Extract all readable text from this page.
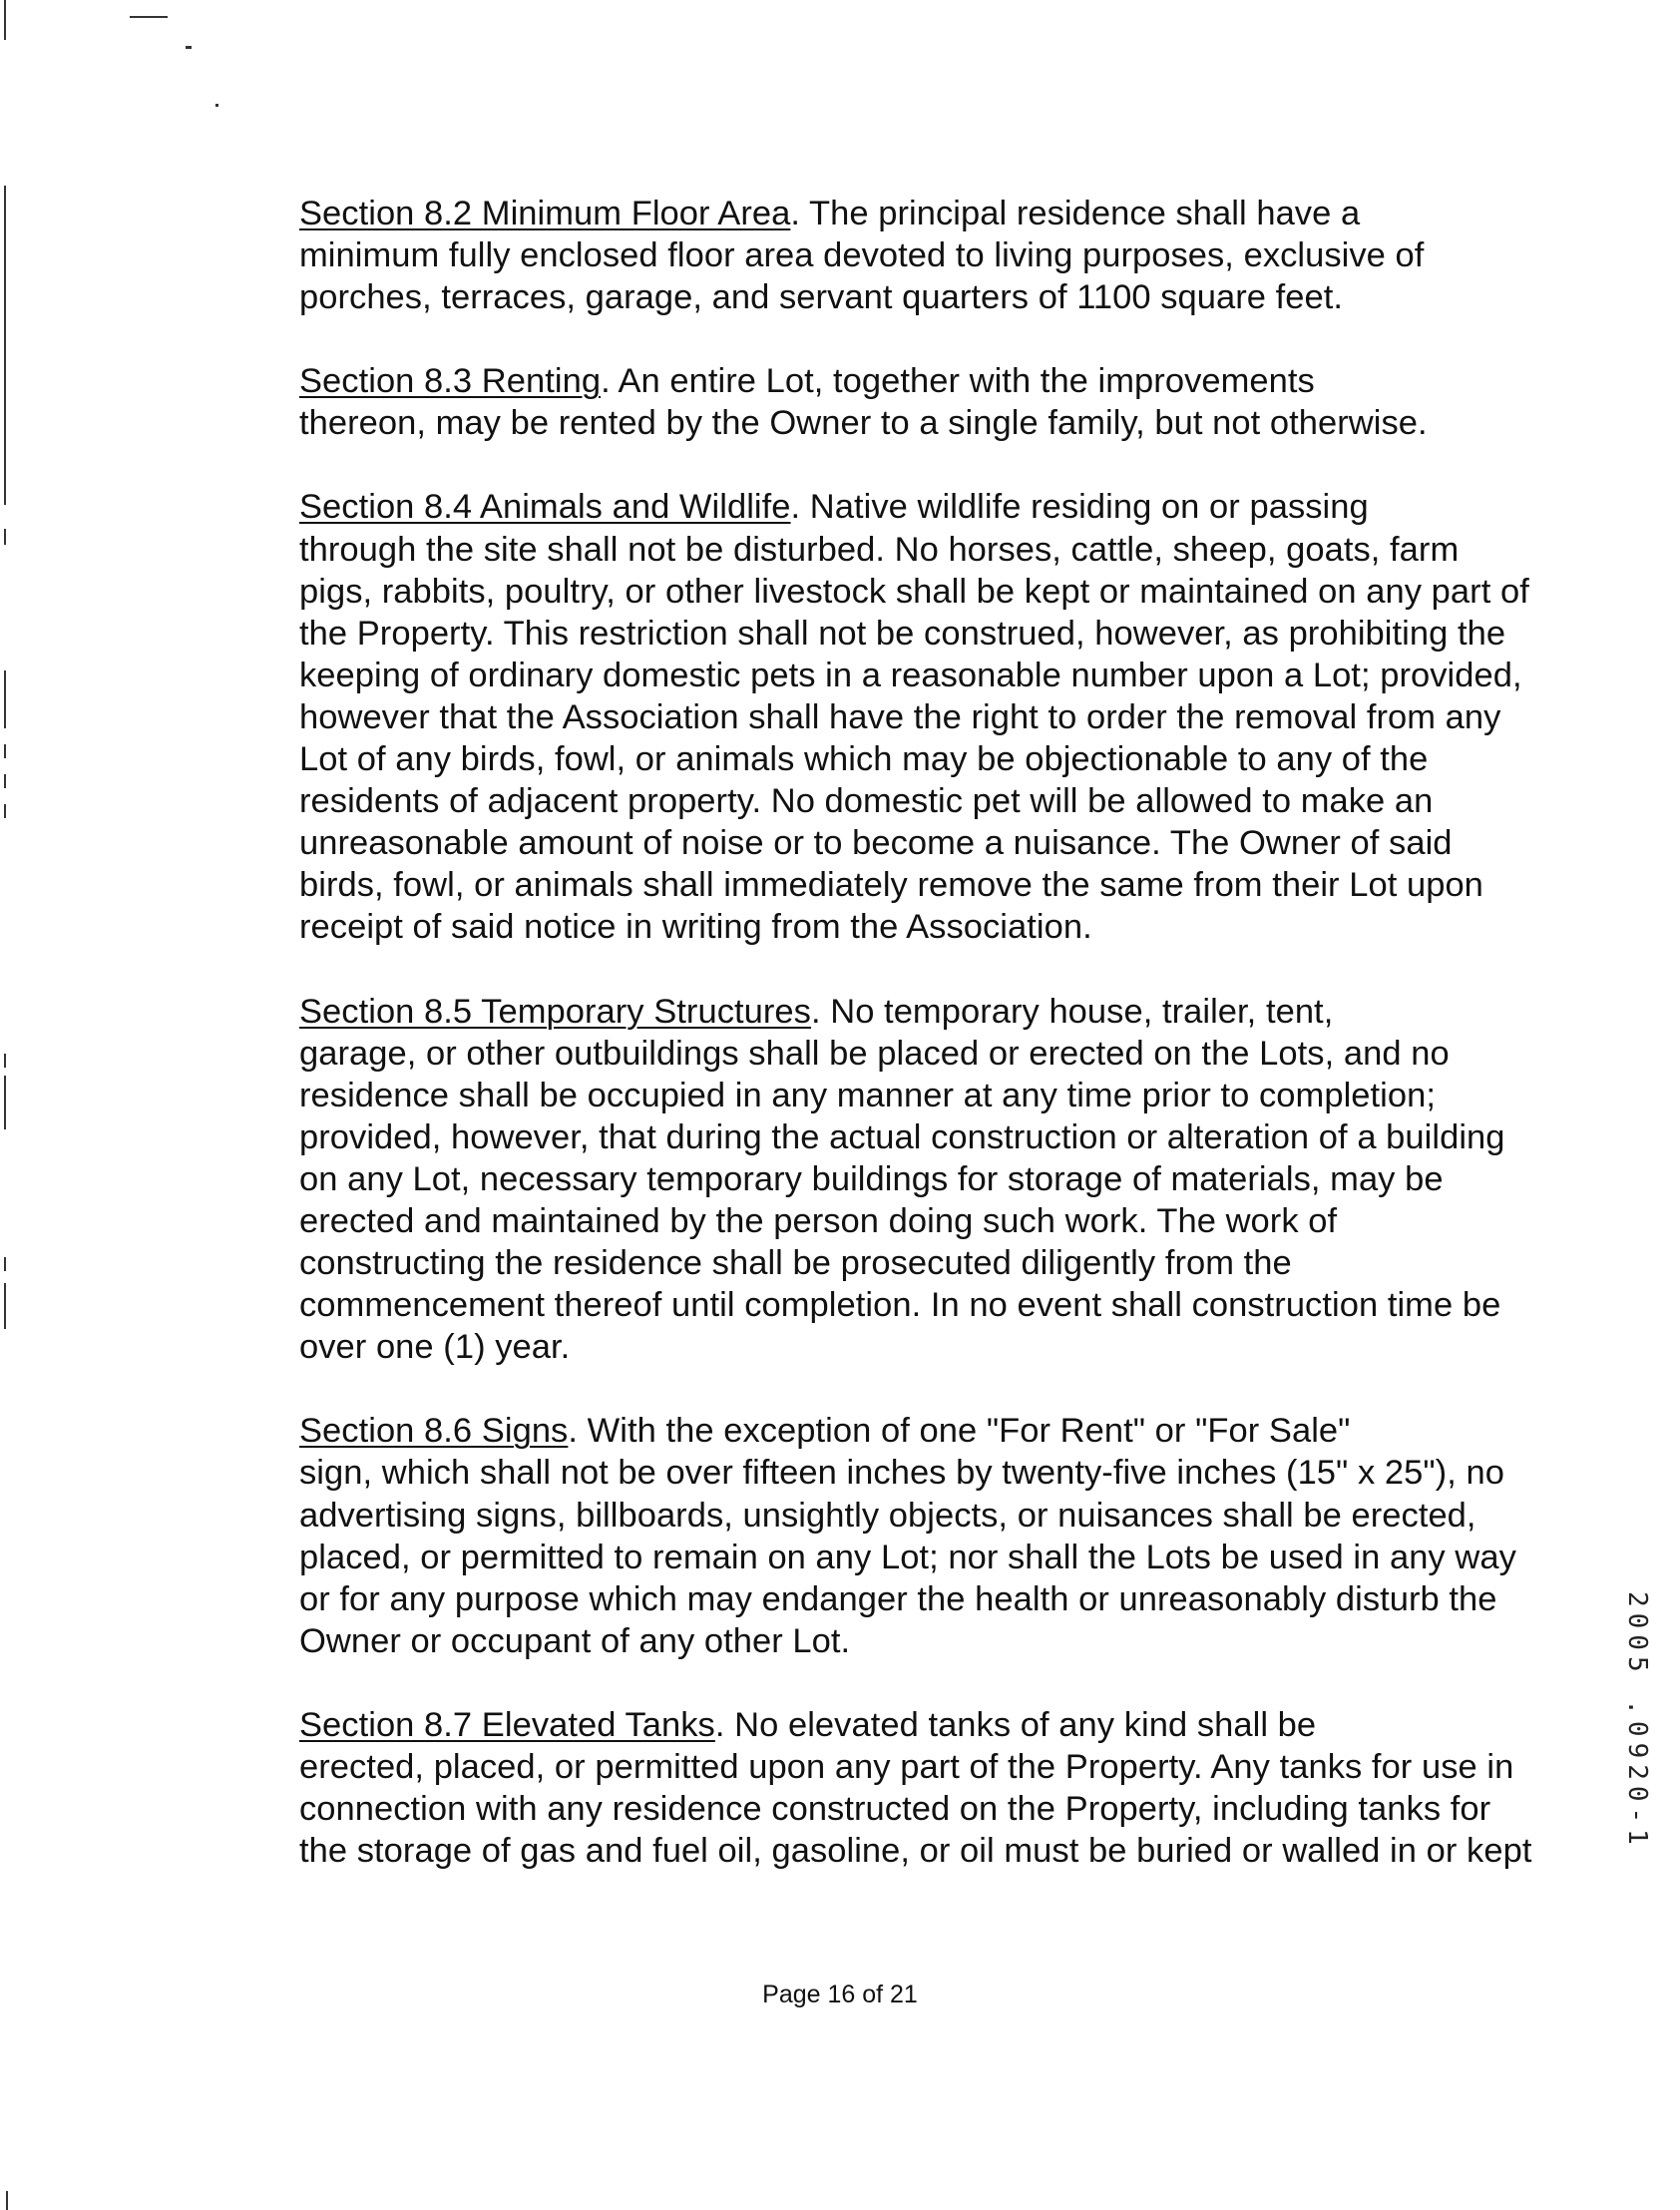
Section 8.2 Minimum Floor Area. The principal residence shall have a
minimum fully enclosed floor area devoted to living purposes, exclusive of
porches, terraces, garage, and servant quarters of 1100 square feet.

Section 8.3 Renting. An entire Lot, together with the improvements
thereon, may be rented by the Owner to a single family, but not otherwise.

Section 8.4 Animals and Wildlife. Native wildlife residing on or passing
through the site shall not be disturbed. No horses, cattle, sheep, goats, farm
pigs, rabbits, poultry, or other livestock shall be kept or maintained on any part of
the Property. This restriction shall not be construed, however, as prohibiting the
keeping of ordinary domestic pets in a reasonable number upon a Lot; provided,
however that the Association shall have the right to order the removal from any
Lot of any birds, fowl, or animals which may be objectionable to any of the
residents of adjacent property. No domestic pet will be allowed to make an
unreasonable amount of noise or to become a nuisance. The Owner of said
birds, fowl, or animals shall immediately remove the same from their Lot upon
receipt of said notice in writing from the Association.

Section 8.5 Temporary Structures. No temporary house, trailer, tent,
garage, or other outbuildings shall be placed or erected on the Lots, and no
residence shall be occupied in any manner at any time prior to completion;
provided, however, that during the actual construction or alteration of a building
on any Lot, necessary temporary buildings for storage of materials, may be
erected and maintained by the person doing such work. The work of
constructing the residence shall be prosecuted diligently from the
commencement thereof until completion. In no event shall construction time be
over one (1) year.

Section 8.6 Signs. With the exception of one "For Rent" or "For Sale"
sign, which shall not be over fifteen inches by twenty-five inches (15" x 25"), no
advertising signs, billboards, unsightly objects, or nuisances shall be erected,
placed, or permitted to remain on any Lot; nor shall the Lots be used in any way
or for any purpose which may endanger the health or unreasonably disturb the
Owner or occupant of any other Lot.

Section 8.7 Elevated Tanks. No elevated tanks of any kind shall be
erected, placed, or permitted upon any part of the Property. Any tanks for use in
connection with any residence constructed on the Property, including tanks for
the storage of gas and fuel oil, gasoline, or oil must be buried or walled in or kept

Page 16 of 21
2005 .0920-1
